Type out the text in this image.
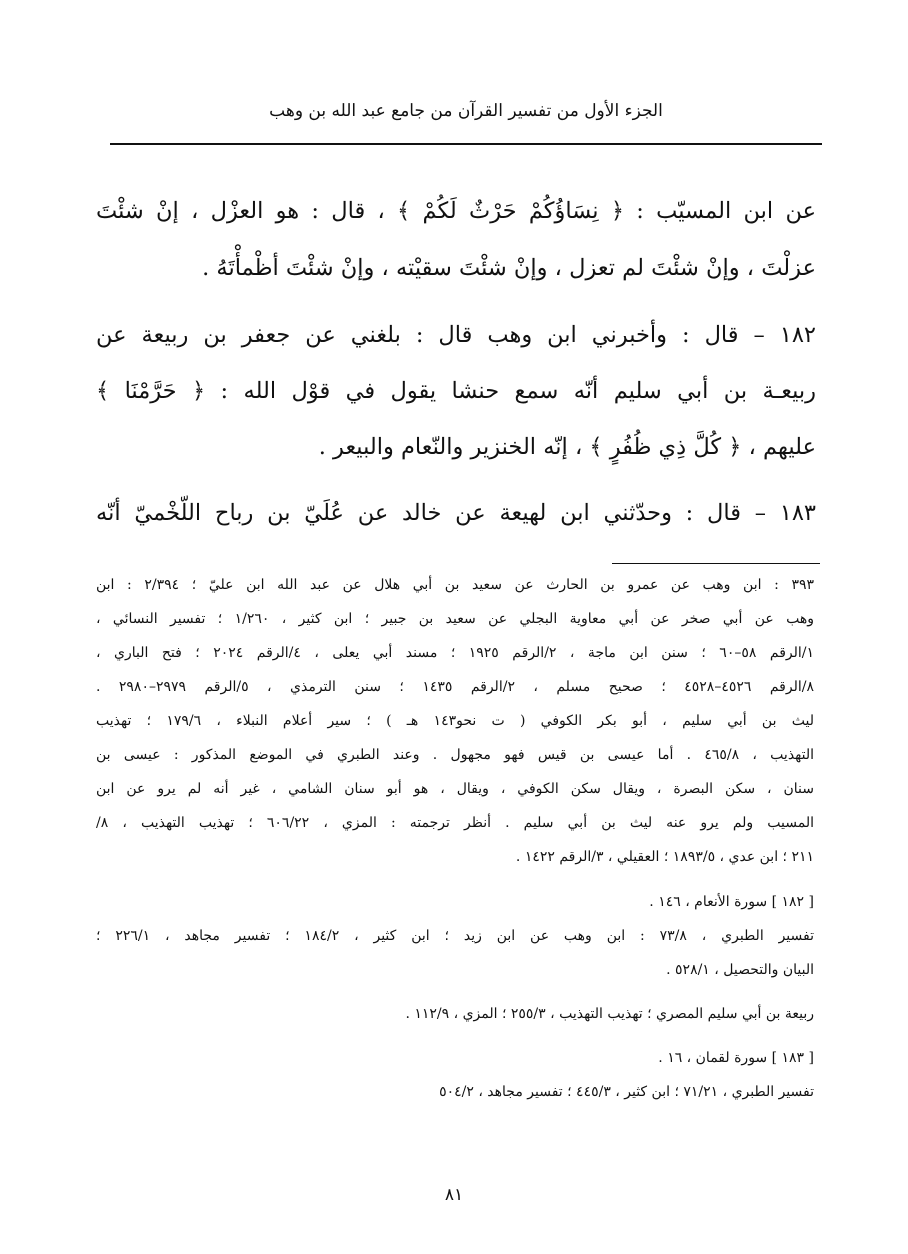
الجزء الأول من تفسير القرآن من جامع عبد الله بن وهب
عن ابن المسيّب : ﴿ نِسَاؤُكُمْ حَرْثٌ لَكُمْ ﴾ ، قال : هو العزْل ، إنْ شئْتَ
عزلْتَ ، وإنْ شئْتَ لم تعزل ، وإنْ شئْتَ سقيْته ، وإنْ شئْتَ أظْمأْتَهُ .
١٨٢ – قال : وأخبرني ابن وهب قال : بلغني عن جعفر بن ربيعة عن
ربيعـة بن أبي سليم أنّه سمع حنشا يقول في قوْل الله : ﴿ حَرَّمْنَا ﴾
عليهم ، ﴿ كُلَّ ذِي ظُفُرٍ ﴾ ، إنّه الخنزير والنّعام والبيعر .
١٨٣ – قال : وحدّثني ابن لهيعة عن خالد عن عُلَيّ بن رباح اللّخْميّ أنّه
٣٩٣ : ابن وهب عن عمرو بن الحارث عن سعيد بن أبي هلال عن عبد الله ابن عليّ ؛ ٢/٣٩٤ : ابن
وهب عن أبي صخر عن أبي معاوية البجلي عن سعيد بن جبير ؛ ابن كثير ، ١/٢٦٠ ؛ تفسير النسائي ،
١/الرقم ٥٨–٦٠ ؛ سنن ابن ماجة ، ٢/الرقم ١٩٢٥ ؛ مسند أبي يعلى ، ٤/الرقم ٢٠٢٤ ؛ فتح الباري ،
٨/الرقم ٤٥٢٦–٤٥٢٨ ؛ صحيح مسلم ، ٢/الرقم ١٤٣٥ ؛ سنن الترمذي ، ٥/الرقم ٢٩٧٩–٢٩٨٠ .
ليث بن أبي سليم ، أبو بكر الكوفي ( ت نحو١٤٣ هـ ) ؛ سير أعلام النبلاء ، ١٧٩/٦ ؛ تهذيب
التهذيب ، ٤٦٥/٨ . أما عيسى بن قيس فهو مجهول . وعند الطبري في الموضع المذكور : عيسى بن
سنان ، سكن البصرة ، ويقال سكن الكوفي ، ويقال ، هو أبو سنان الشامي ، غير أنه لم يرو عن ابن
المسيب ولم يرو عنه ليث بن أبي سليم . أنظر ترجمته : المزي ، ٦٠٦/٢٢ ؛ تهذيب التهذيب ، ٨/
٢١١ ؛ ابن عدي ، ١٨٩٣/٥ ؛ العقيلي ، ٣/الرقم ١٤٢٢ .
[ ١٨٢ ] سورة الأنعام ، ١٤٦ .
تفسير الطبري ، ٧٣/٨ : ابن وهب عن ابن زيد ؛ ابن كثير ، ١٨٤/٢ ؛ تفسير مجاهد ، ٢٢٦/١ ؛
البيان والتحصيل ، ٥٢٨/١ .
ربيعة بن أبي سليم المصري ؛ تهذيب التهذيب ، ٢٥٥/٣ ؛ المزي ، ١١٢/٩ .
[ ١٨٣ ] سورة لقمان ، ١٦ .
تفسير الطبري ، ٧١/٢١ ؛ ابن كثير ، ٤٤٥/٣ ؛ تفسير مجاهد ، ٥٠٤/٢
٨١
